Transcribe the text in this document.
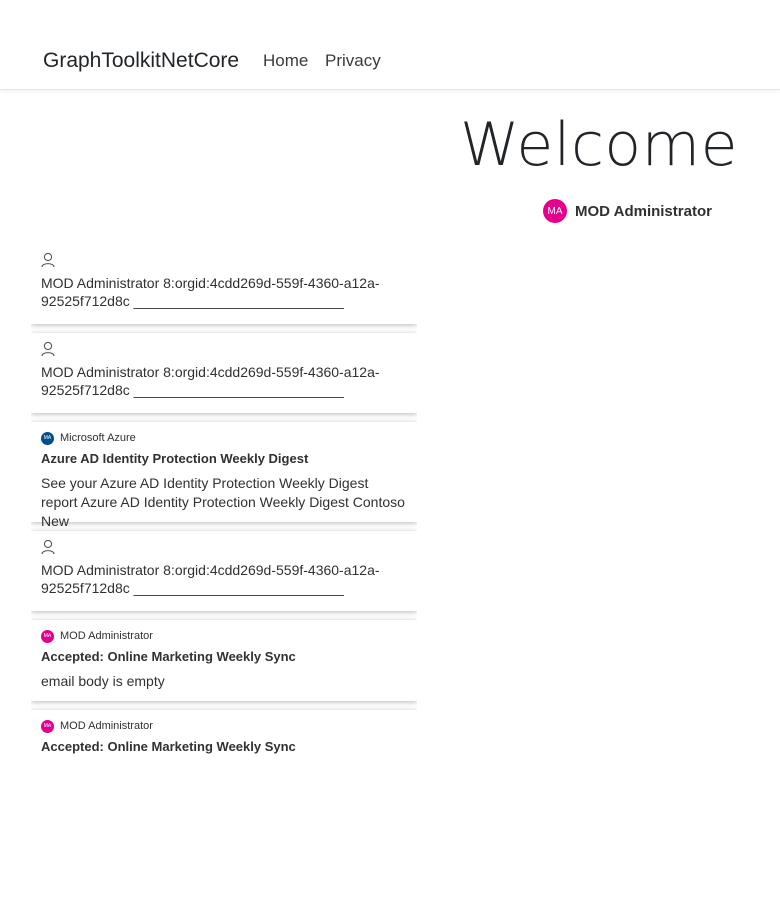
GraphToolkitNetCore Home Privacy
Welcome
MA MOD Administrator
MOD Administrator 8:orgid:4cdd269d-559f-4360-a12a-92525f712d8c ___________________________
MOD Administrator 8:orgid:4cdd269d-559f-4360-a12a-92525f712d8c ___________________________
MA Microsoft Azure
Azure AD Identity Protection Weekly Digest
See your Azure AD Identity Protection Weekly Digest report Azure AD Identity Protection Weekly Digest Contoso New
MOD Administrator 8:orgid:4cdd269d-559f-4360-a12a-92525f712d8c ___________________________
MA MOD Administrator
Accepted: Online Marketing Weekly Sync
email body is empty
MA MOD Administrator
Accepted: Online Marketing Weekly Sync
